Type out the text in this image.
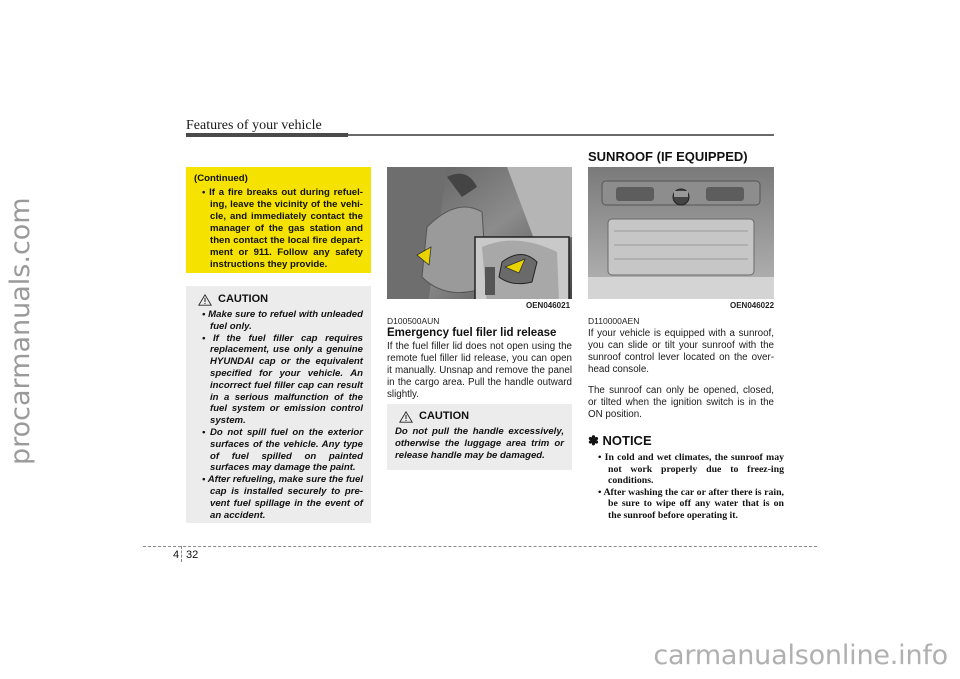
procarmanuals.com
carmanualsonline.info
Features of your vehicle
(Continued)
• If a fire breaks out during refuel-ing, leave the vicinity of the vehi-cle, and immediately contact the manager of the gas station and then contact the local fire depart-ment or 911. Follow any safety instructions they provide.
CAUTION
• Make sure to refuel with unleaded fuel only.
• If the fuel filler cap requires replacement, use only a genuine HYUNDAI cap or the equivalent specified for your vehicle. An incorrect fuel filler cap can result in a serious malfunction of the fuel system or emission control system.
• Do not spill fuel on the exterior surfaces of the vehicle. Any type of fuel spilled on painted surfaces may damage the paint.
• After refueling, make sure the fuel cap is installed securely to pre-vent fuel spillage in the event of an accident.
OEN046021
D100500AUN
Emergency fuel filer lid release
If the fuel filler lid does not open using the remote fuel filler lid release, you can open it manually. Unsnap and remove the panel in the cargo area. Pull the handle outward slightly.
CAUTION
Do not pull the handle excessively, otherwise the luggage area trim or release handle may be damaged.
SUNROOF (IF EQUIPPED)
OEN046022
D110000AEN
If your vehicle is equipped with a sunroof, you can slide or tilt your sunroof with the sunroof control lever located on the over-head console.
The sunroof can only be opened, closed, or tilted when the ignition switch is in the ON position.
✽ NOTICE
• In cold and wet climates, the sunroof may not work properly due to freez-ing conditions.
• After washing the car or after there is rain, be sure to wipe off any water that is on the sunroof before operating it.
4 32
